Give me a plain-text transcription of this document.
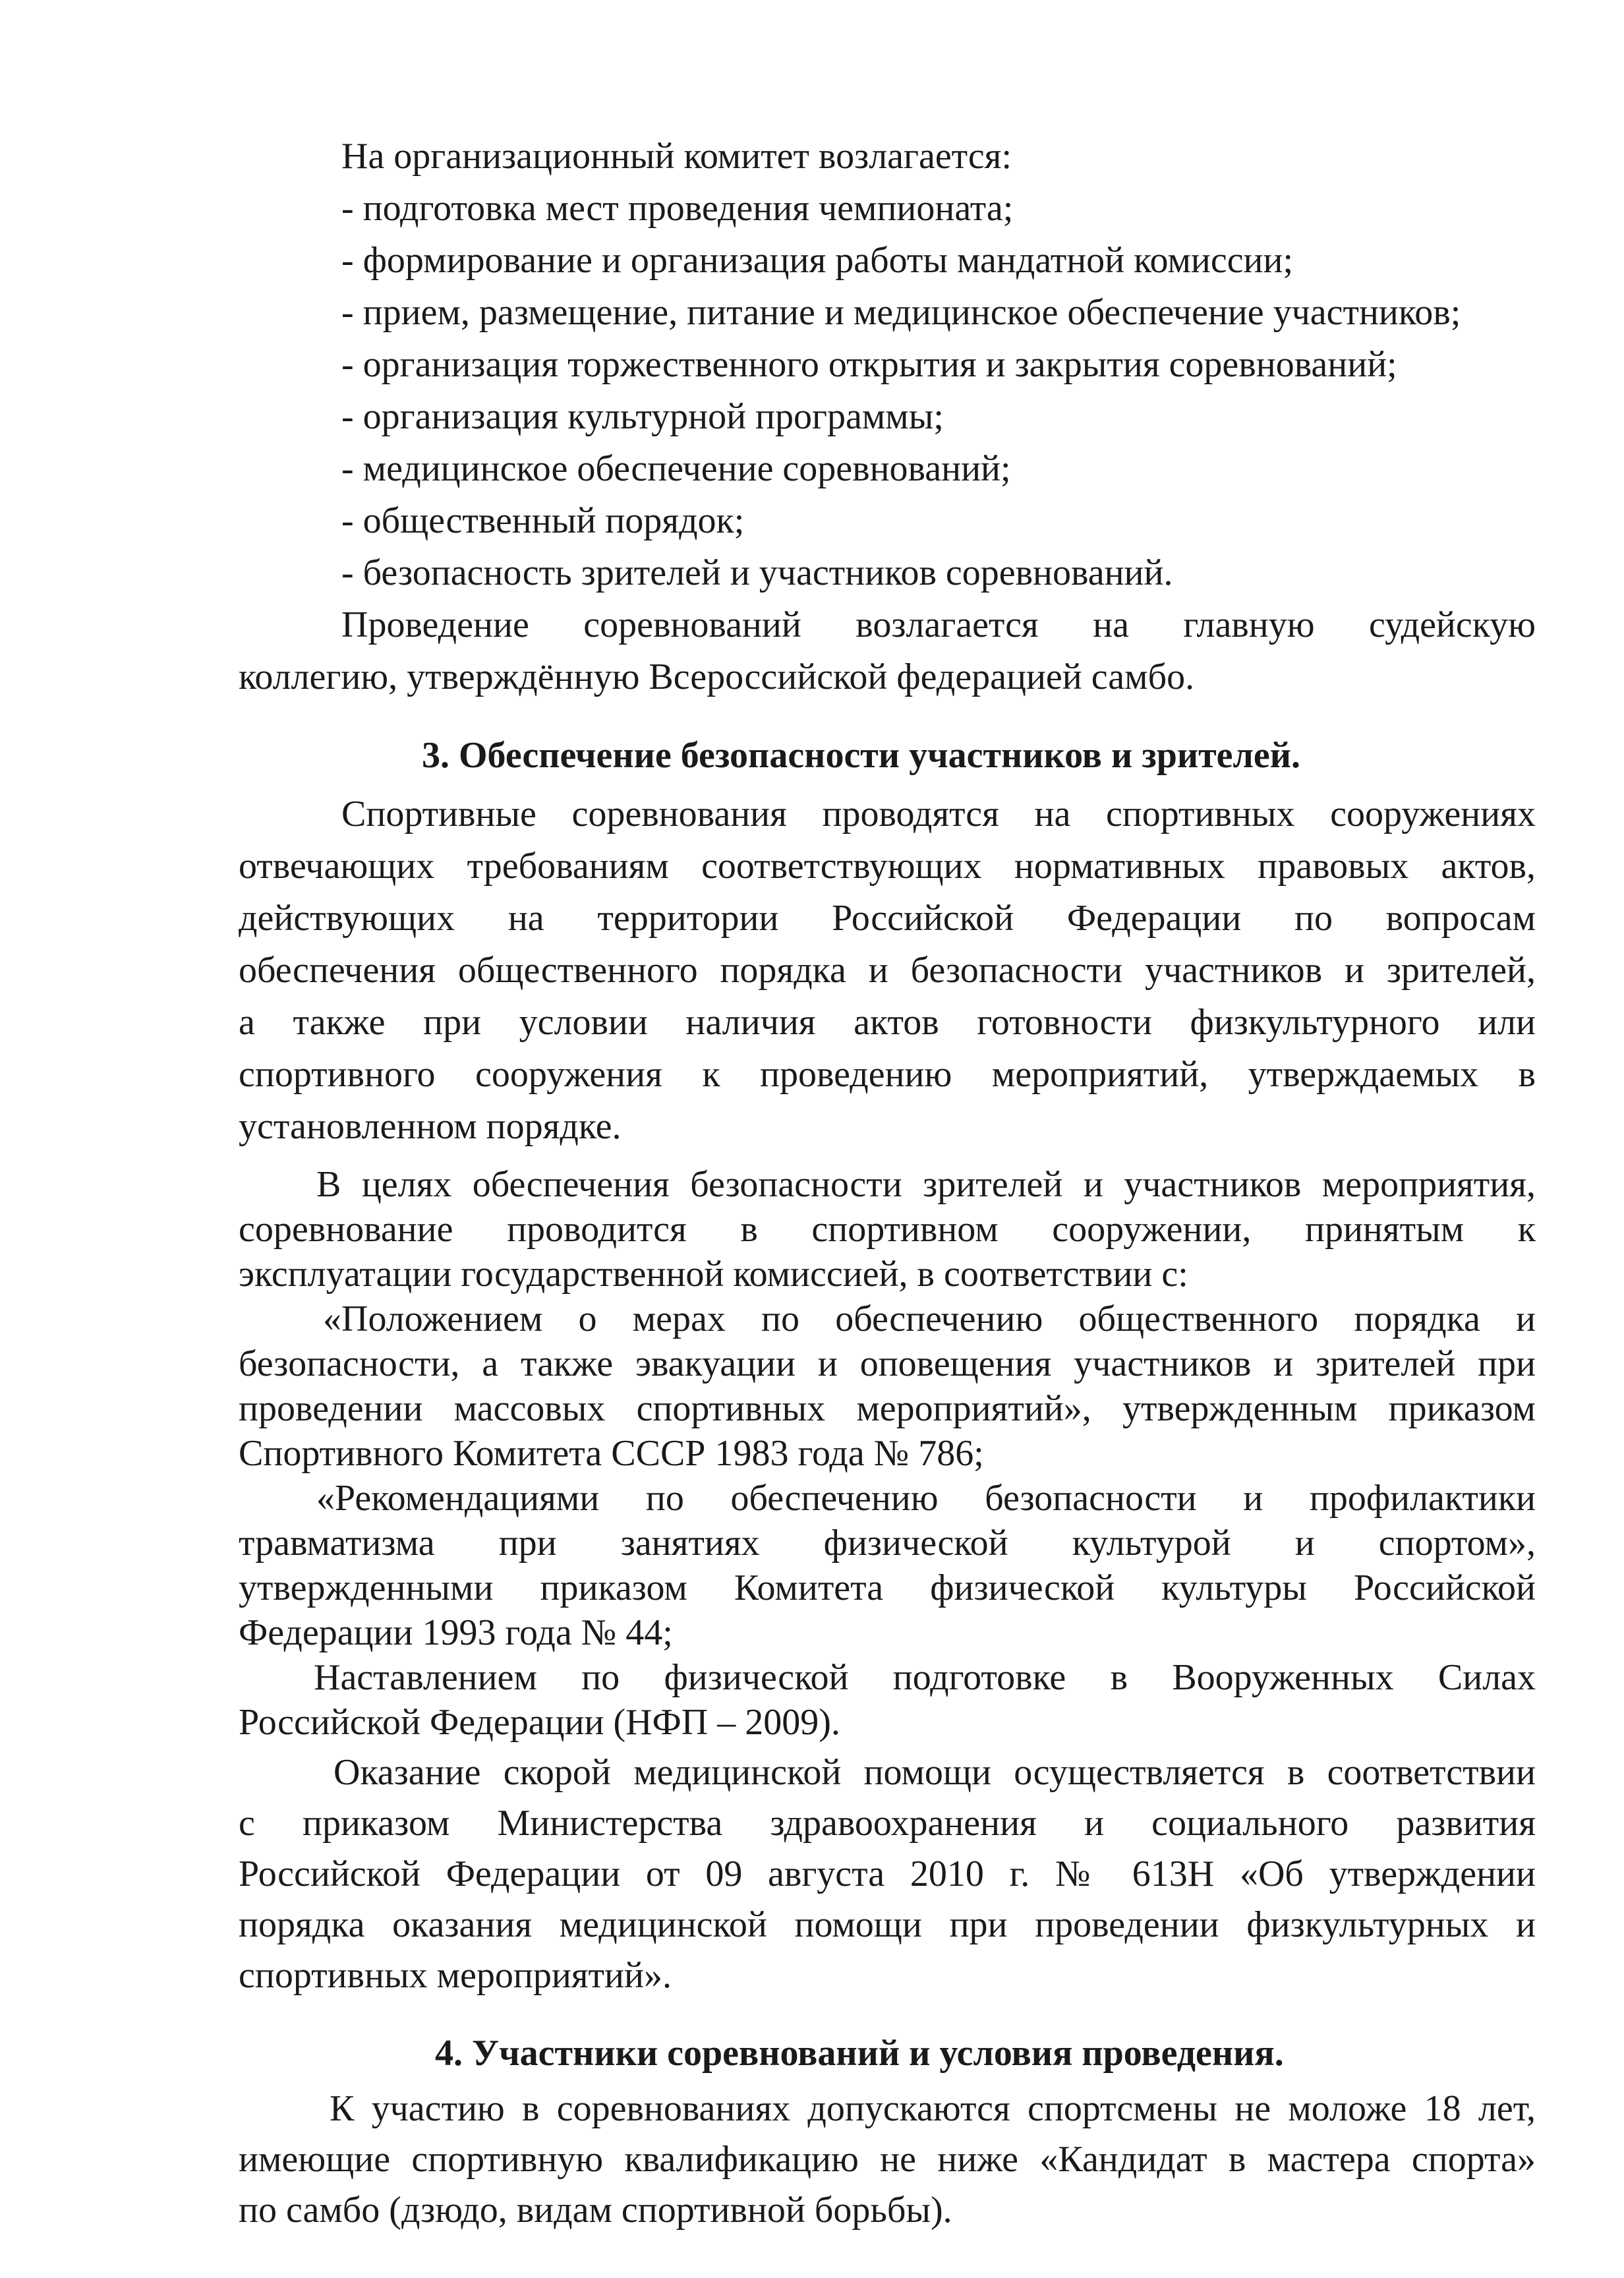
На организационный комитет возлагается:
- подготовка мест проведения чемпионата;
- формирование и организация работы мандатной комиссии;
- прием, размещение, питание и медицинское обеспечение участников;
- организация торжественного открытия и закрытия соревнований;
- организация культурной программы;
- медицинское обеспечение соревнований;
- общественный порядок;
- безопасность зрителей и участников соревнований.
Проведение соревнований возлагается на главную судейскую
коллегию, утверждённую Всероссийской федерацией самбо.
3. Обеспечение безопасности участников и зрителей.
Спортивные соревнования проводятся на спортивных сооружениях
отвечающих требованиям соответствующих нормативных правовых актов,
действующих на территории Российской Федерации по вопросам
обеспечения общественного порядка и безопасности участников и зрителей,
а также при условии наличия актов готовности физкультурного или
спортивного сооружения к проведению мероприятий, утверждаемых в
установленном порядке.
В целях обеспечения безопасности зрителей и участников мероприятия,
соревнование проводится в спортивном сооружении, принятым к
эксплуатации государственной комиссией, в соответствии с:
«Положением о мерах по обеспечению общественного порядка и
безопасности, а также эвакуации и оповещения участников и зрителей при
проведении массовых спортивных мероприятий», утвержденным приказом
Спортивного Комитета СССР 1983 года № 786;
«Рекомендациями по обеспечению безопасности и профилактики
травматизма при занятиях физической культурой и спортом»,
утвержденными приказом Комитета физической культуры Российской
Федерации 1993 года № 44;
Наставлением по физической подготовке в Вооруженных Силах
Российской Федерации (НФП – 2009).
Оказание скорой медицинской помощи осуществляется в соответствии
с приказом Министерства здравоохранения и социального развития
Российской Федерации от 09 августа 2010 г. № 613Н «Об утверждении
порядка оказания медицинской помощи при проведении физкультурных и
спортивных мероприятий».
4. Участники соревнований и условия проведения.
К участию в соревнованиях допускаются спортсмены не моложе 18 лет,
имеющие спортивную квалификацию не ниже «Кандидат в мастера спорта»
по самбо (дзюдо, видам спортивной борьбы).
